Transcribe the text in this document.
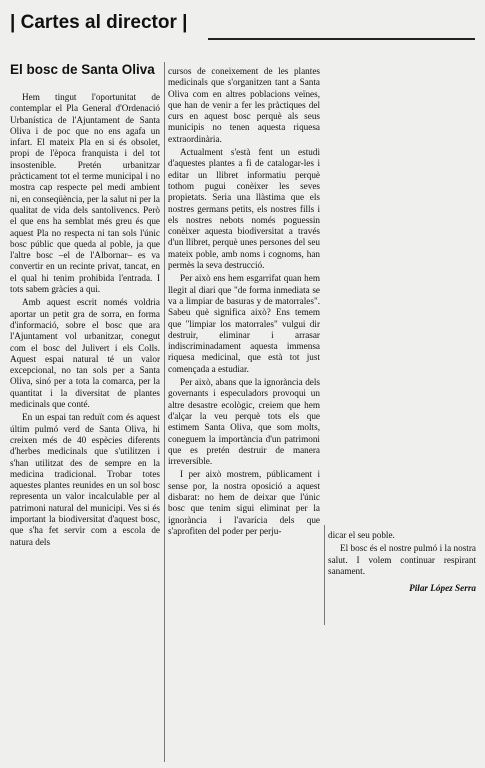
| Cartes al director |
El bosc de Santa Oliva

Hem tingut l'oportunitat de contemplar el Pla General d'Ordenació Urbanística de l'Ajuntament de Santa Oliva i de poc que no ens agafa un infart. El mateix Pla en si és obsolet, propi de l'època franquista i del tot insostenible. Pretén urbanitzar pràcticament tot el terme municipal i no mostra cap respecte pel medi ambient ni, en conseqüència, per la salut ni per la qualitat de vida dels santolivencs. Però el que ens ha semblat més greu és que aquest Pla no respecta ni tan sols l'únic bosc públic que queda al poble, ja que l'altre bosc –el de l'Albornar– es va convertir en un recinte privat, tancat, en el qual hi tenim prohibida l'entrada. I tots sabem gràcies a qui.

Amb aquest escrit només voldria aportar un petit gra de sorra, en forma d'informació, sobre el bosc que ara l'Ajuntament vol urbanitzar, conegut com el bosc del Julivert i els Colls. Aquest espai natural té un valor excepcional, no tan sols per a Santa Oliva, sinó per a tota la comarca, per la quantitat i la diversitat de plantes medicinals que conté.

En un espai tan reduït com és aquest últim pulmó verd de Santa Oliva, hi creixen més de 40 espècies diferents d'herbes medicinals que s'utilitzen i s'han utilitzat des de sempre en la medicina tradicional. Trobar totes aquestes plantes reunides en un sol bosc representa un valor incalculable per al patrimoni natural del municipi. Ves si és important la biodiversitat d'aquest bosc, que s'ha fet servir com a escola de natura dels

cursos de coneixement de les plantes medicinals que s'organitzen tant a Santa Oliva com en altres poblacions veïnes, que han de venir a fer les pràctiques del curs en aquest bosc perquè als seus municipis no tenen aquesta riquesa extraordinària.

Actualment s'està fent un estudi d'aquestes plantes a fi de catalogar-les i editar un llibret informatiu perquè tothom pugui conèixer les seves propietats. Seria una llàstima que els nostres germans petits, els nostres fills i els nostres nebots només poguessin conèixer aquesta biodiversitat a través d'un llibret, perquè unes persones del seu mateix poble, amb noms i cognoms, han permès la seva destrucció.

Per això ens hem esgarrifat quan hem llegit al diari que "de forma inmediata se va a limpiar de basuras y de matorrales". Sabeu què significa això? Ens temem que "limpiar los matorrales" vulgui dir destruir, eliminar i arrasar indiscriminadament aquesta immensa riquesa medicinal, que està tot just començada a estudiar.

Per això, abans que la ignorància dels governants i especuladors provoqui un altre desastre ecològic, creiem que hem d'alçar la veu perquè tots els que estimem Santa Oliva, que som molts, coneguem la importància d'un patrimoni que es pretén destruir de manera irreversible.

I per això mostrem, públicament i sense por, la nostra oposició a aquest disbarat: no hem de deixar que l'únic bosc que tenim sigui eliminat per la ignorància i l'avarícia dels que s'aprofiten del poder per perju-	dicar el seu poble.

El bosc és el nostre pulmó i la nostra salut. I volem continuar respirant sanament.

Pilar López Serra
